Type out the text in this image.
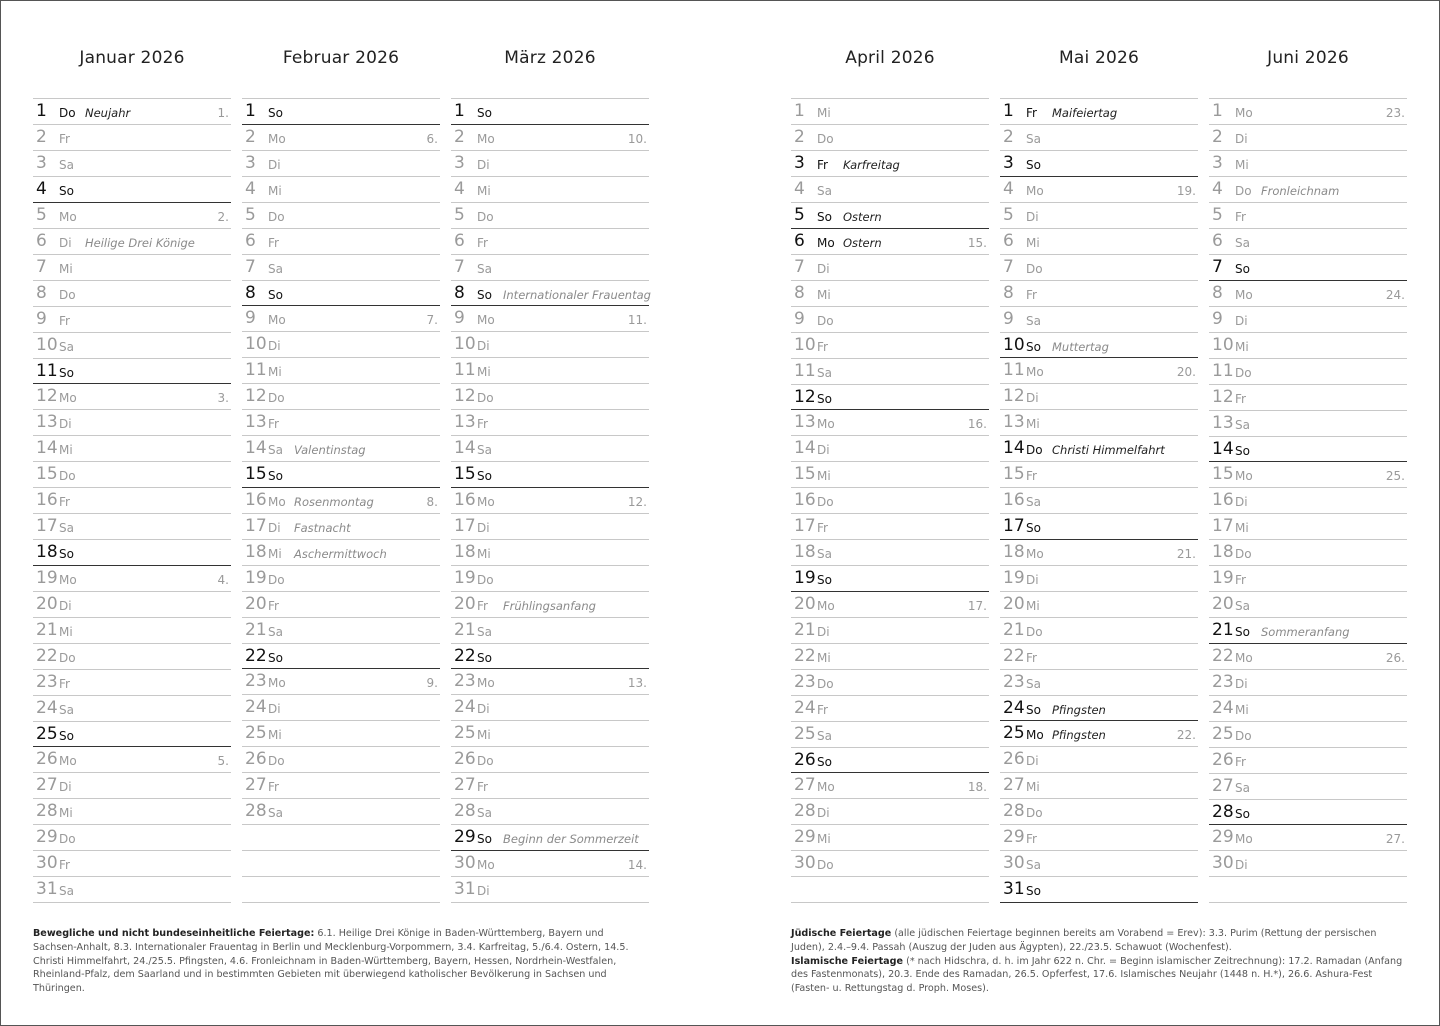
Januar 2026
1 Do Neujahr	1.
2 Fr
3 Sa
4 So
5 Mo	2.
6 Di Heilige Drei Könige
7 Mi
8 Do
9 Fr
10 Sa
11 So
12 Mo	3.
13 Di
14 Mi
15 Do
16 Fr
17 Sa
18 So
19 Mo	4.
20 Di
21 Mi
22 Do
23 Fr
24 Sa
25 So
26 Mo	5.
27 Di
28 Mi
29 Do
30 Fr
31 Sa
Februar 2026
1 So
2 Mo	6.
3 Di
4 Mi
5 Do
6 Fr
7 Sa
8 So
9 Mo	7.
10 Di
11 Mi
12 Do
13 Fr
14 Sa Valentinstag
15 So
16 Mo Rosenmontag	8.
17 Di Fastnacht
18 Mi Aschermittwoch
19 Do
20 Fr
21 Sa
22 So
23 Mo	9.
24 Di
25 Mi
26 Do
27 Fr
28 Sa
März 2026
1 So
2 Mo	10.
3 Di
4 Mi
5 Do
6 Fr
7 Sa
8 So Internationaler Frauentag
9 Mo	11.
10 Di
11 Mi
12 Do
13 Fr
14 Sa
15 So
16 Mo	12.
17 Di
18 Mi
19 Do
20 Fr Frühlingsanfang
21 Sa
22 So
23 Mo	13.
24 Di
25 Mi
26 Do
27 Fr
28 Sa
29 So Beginn der Sommerzeit
30 Mo	14.
31 Di
April 2026
1 Mi
2 Do
3 Fr Karfreitag
4 Sa
5 So Ostern
6 Mo Ostern	15.
7 Di
8 Mi
9 Do
10 Fr
11 Sa
12 So
13 Mo	16.
14 Di
15 Mi
16 Do
17 Fr
18 Sa
19 So
20 Mo	17.
21 Di
22 Mi
23 Do
24 Fr
25 Sa
26 So
27 Mo	18.
28 Di
29 Mi
30 Do
Mai 2026
1 Fr Maifeiertag
2 Sa
3 So
4 Mo	19.
5 Di
6 Mi
7 Do
8 Fr
9 Sa
10 So Muttertag
11 Mo	20.
12 Di
13 Mi
14 Do Christi Himmelfahrt
15 Fr
16 Sa
17 So
18 Mo	21.
19 Di
20 Mi
21 Do
22 Fr
23 Sa
24 So Pfingsten
25 Mo Pfingsten	22.
26 Di
27 Mi
28 Do
29 Fr
30 Sa
31 So
Juni 2026
1 Mo	23.
2 Di
3 Mi
4 Do Fronleichnam
5 Fr
6 Sa
7 So
8 Mo	24.
9 Di
10 Mi
11 Do
12 Fr
13 Sa
14 So
15 Mo	25.
16 Di
17 Mi
18 Do
19 Fr
20 Sa
21 So Sommeranfang
22 Mo	26.
23 Di
24 Mi
25 Do
26 Fr
27 Sa
28 So
29 Mo	27.
30 Di
Bewegliche und nicht bundeseinheitliche Feiertage: 6.1. Heilige Drei Könige in Baden-Württemberg, Bayern und Sachsen-Anhalt, 8.3. Internationaler Frauentag in Berlin und Mecklenburg-Vorpommern, 3.4. Karfreitag, 5./6.4. Ostern, 14.5. Christi Himmelfahrt, 24./25.5. Pfingsten, 4.6. Fronleichnam in Baden-Württemberg, Bayern, Hessen, Nordrhein-Westfalen, Rheinland-Pfalz, dem Saarland und in bestimmten Gebieten mit überwiegend katholischer Bevölkerung in Sachsen und Thüringen.
Jüdische Feiertage (alle jüdischen Feiertage beginnen bereits am Vorabend = Erev): 3.3. Purim (Rettung der persischen Juden), 2.4.–9.4. Passah (Auszug der Juden aus Ägypten), 22./23.5. Schawuot (Wochenfest).
Islamische Feiertage (* nach Hidschra, d. h. im Jahr 622 n. Chr. = Beginn islamischer Zeitrechnung): 17.2. Ramadan (Anfang des Fastenmonats), 20.3. Ende des Ramadan, 26.5. Opferfest, 17.6. Islamisches Neujahr (1448 n. H.*), 26.6. Ashura-Fest (Fasten- u. Rettungstag d. Proph. Moses).
